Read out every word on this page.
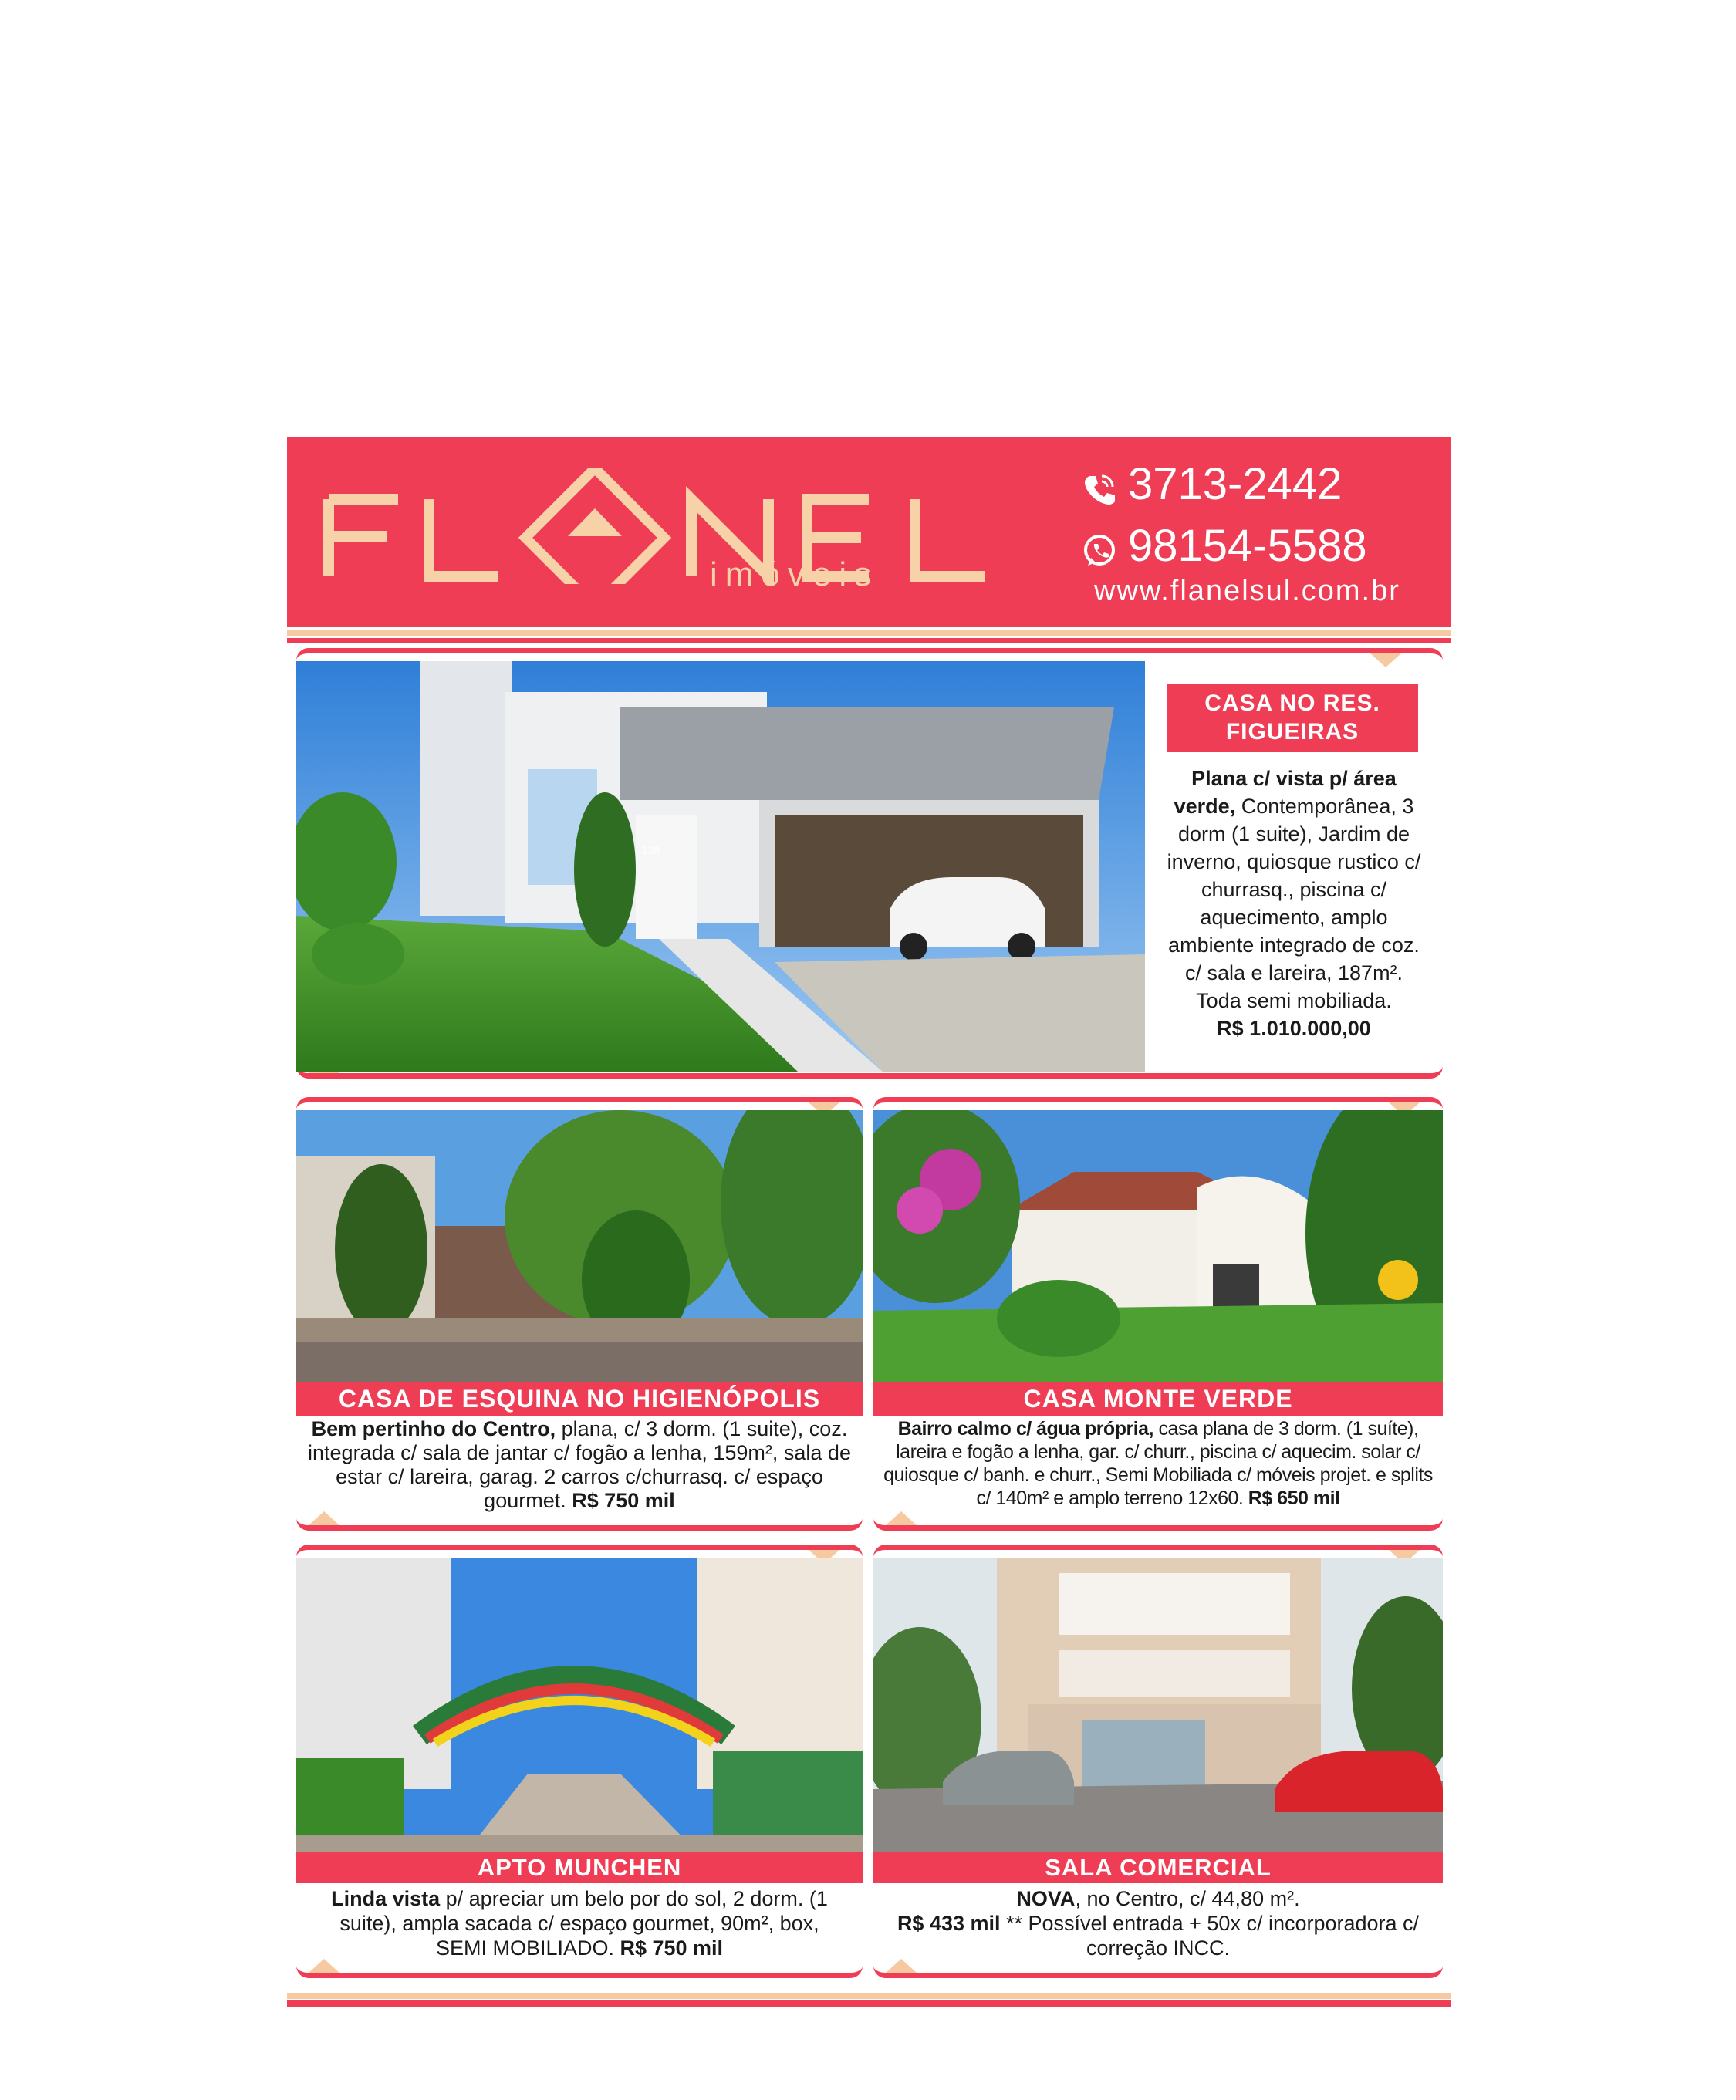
imóveis
3713-2442
98154-5588
www.flanelsul.com.br
128
CASA NO RES.
FIGUEIRAS
Plana c/ vista p/ área verde, Contemporânea, 3 dorm (1 suite), Jardim de inverno, quiosque rustico c/ churrasq., piscina c/ aquecimento, amplo ambiente integrado de coz. c/ sala e lareira, 187m². Toda semi mobiliada.
R$ 1.010.000,00
CASA DE ESQUINA NO HIGIENÓPOLIS
Bem pertinho do Centro, plana, c/ 3 dorm. (1 suite), coz. integrada c/ sala de jantar c/ fogão a lenha, 159m², sala de estar c/ lareira, garag. 2 carros c/churrasq. c/ espaço gourmet. R$ 750 mil
CASA MONTE VERDE
Bairro calmo c/ água própria, casa plana de 3 dorm. (1 suíte), lareira e fogão a lenha, gar. c/ churr., piscina c/ aquecim. solar c/ quiosque c/ banh. e churr., Semi Mobiliada c/ móveis projet. e splits c/ 140m² e amplo terreno 12x60. R$ 650 mil
APTO MUNCHEN
Linda vista p/ apreciar um belo por do sol, 2 dorm. (1 suite), ampla sacada c/ espaço gourmet, 90m², box, SEMI MOBILIADO. R$ 750 mil
SALA COMERCIAL
NOVA, no Centro, c/ 44,80 m².
R$ 433 mil ** Possível entrada + 50x c/ incorporadora c/ correção INCC.
